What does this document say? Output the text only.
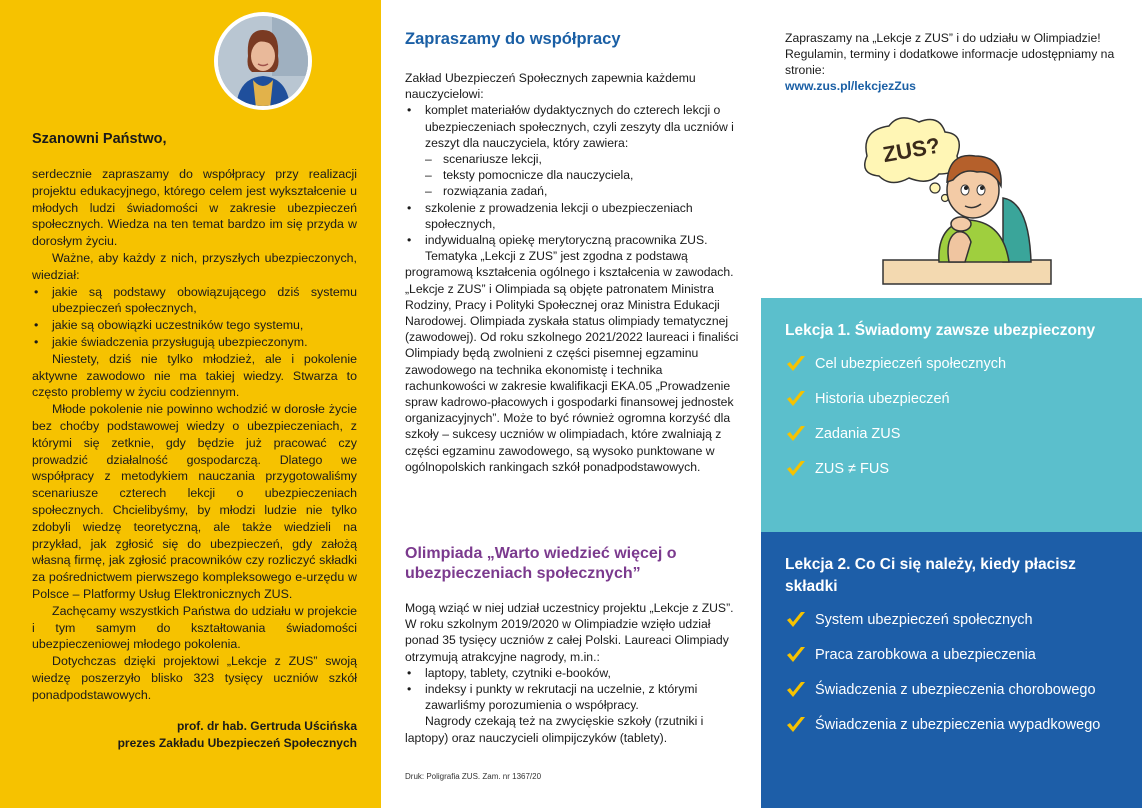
Szanowni Państwo,

serdecznie zapraszamy do współpracy przy realizacji projektu edukacyjnego, którego celem jest wykształcenie u młodych ludzi świadomości w zakresie ubezpieczeń społecznych. Wiedza na ten temat bardzo im się przyda w dorosłym życiu.

Ważne, aby każdy z nich, przyszłych ubezpieczonych, wiedział:

• jakie są podstawy obowiązującego dziś systemu ubezpieczeń społecznych,
• jakie są obowiązki uczestników tego systemu,
• jakie świadczenia przysługują ubezpieczonym.

Niestety, dziś nie tylko młodzież, ale i pokolenie aktywne zawodowo nie ma takiej wiedzy. Stwarza to często problemy w życiu codziennym.

Młode pokolenie nie powinno wchodzić w dorosłe życie bez choćby podstawowej wiedzy o ubezpieczeniach, z którymi się zetknie, gdy będzie już pracować czy prowadzić działalność gospodarczą. Dlatego we współpracy z metodykiem nauczania przygotowaliśmy scenariusze czterech lekcji o ubezpieczeniach społecznych. Chcielibyśmy, by młodzi ludzie nie tylko zdobyli wiedzę teoretyczną, ale także wiedzieli na przykład, jak zgłosić się do ubezpieczeń, gdy założą własną firmę, jak zgłosić pracowników czy rozliczyć składki za pośrednictwem pierwszego kompleksowego e-urzędu w Polsce – Platformy Usług Elektronicznych ZUS.

Zachęcamy wszystkich Państwa do udziału w projekcie i tym samym do kształtowania świadomości ubezpieczeniowej młodego pokolenia.

Dotychczas dzięki projektowi „Lekcje z ZUS” swoją wiedzę poszerzyło blisko 323 tysięcy uczniów szkół ponadpodstawowych.

prof. dr hab. Gertruda Uścińska
prezes Zakładu Ubezpieczeń Społecznych
Zapraszamy do współpracy

Zakład Ubezpieczeń Społecznych zapewnia każdemu nauczycielowi:

• komplet materiałów dydaktycznych do czterech lekcji o ubezpieczeniach społecznych, czyli zeszyty dla uczniów i zeszyt dla nauczyciela, który zawiera:
– scenariusze lekcji,
– teksty pomocnicze dla nauczyciela,
– rozwiązania zadań,
• szkolenie z prowadzenia lekcji o ubezpieczeniach społecznych,
• indywidualną opiekę merytoryczną pracownika ZUS.

Tematyka „Lekcji z ZUS” jest zgodna z podstawą programową kształcenia ogólnego i kształcenia w zawodach. „Lekcje z ZUS” i Olimpiada są objęte patronatem Ministra Rodziny, Pracy i Polityki Społecznej oraz Ministra Edukacji Narodowej. Olimpiada zyskała status olimpiady tematycznej (zawodowej). Od roku szkolnego 2021/2022 laureaci i finaliści Olimpiady będą zwolnieni z części pisemnej egzaminu zawodowego na technika ekonomistę i technika rachunkowości w zakresie kwalifikacji EKA.05 „Prowadzenie spraw kadrowo-płacowych i gospodarki finansowej jednostek organizacyjnych”. Może to być również ogromna korzyść dla szkoły – sukcesy uczniów w olimpiadach, które zwalniają z części egzaminu zawodowego, są wysoko punktowane w ogólnopolskich rankingach szkół ponadpodstawowych.

Olimpiada „Warto wiedzieć więcej o ubezpieczeniach społecznych”

Mogą wziąć w niej udział uczestnicy projektu „Lekcje z ZUS”. W roku szkolnym 2019/2020 w Olimpiadzie wzięło udział ponad 35 tysięcy uczniów z całej Polski. Laureaci Olimpiady otrzymują atrakcyjne nagrody, m.in.:

• laptopy, tablety, czytniki e-booków,
• indeksy i punkty w rekrutacji na uczelnie, z którymi zawarliśmy porozumienia o współpracy.

Nagrody czekają też na zwycięskie szkoły (rzutniki i laptopy) oraz nauczycieli olimpijczyków (tablety).

Druk: Poligrafia ZUS. Zam. nr 1367/20

Zapraszamy na „Lekcje z ZUS” i do udziału w Olimpiadzie! Regulamin, terminy i dodatkowe informacje udostępniamy na stronie:

www.zus.pl/lekcjezZus

ZUS?
Lekcja 1. Świadomy zawsze ubezpieczony
Cel ubezpieczeń społecznych
Historia ubezpieczeń
Zadania ZUS
ZUS ≠ FUS
Lekcja 2. Co Ci się należy, kiedy płacisz składki
System ubezpieczeń społecznych
Praca zarobkowa a ubezpieczenia
Świadczenia z ubezpieczenia chorobowego
Świadczenia z ubezpieczenia wypadkowego
